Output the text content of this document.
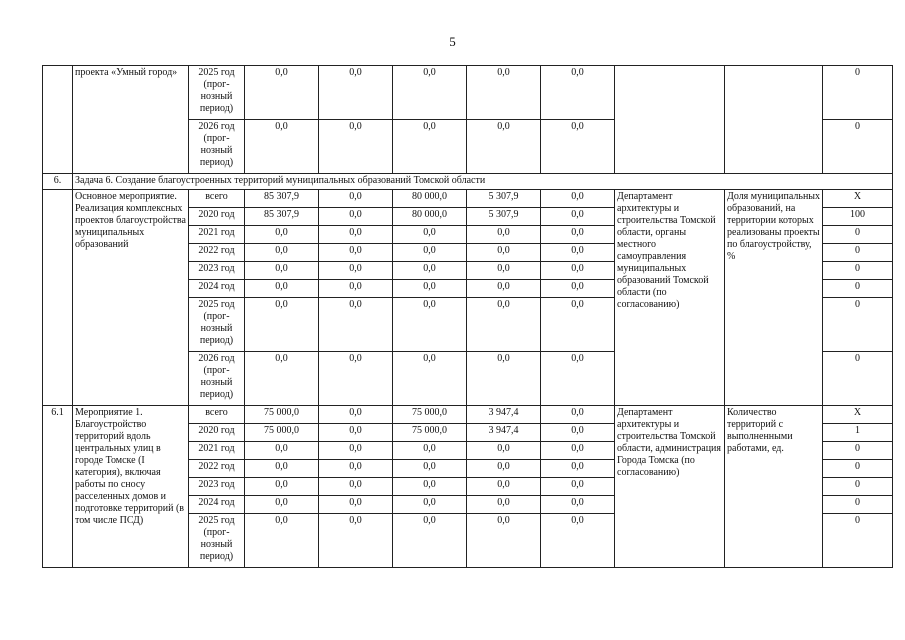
5
	проекта «Умный город»	2025 год (прог-нозный период)	0,0	0,0	0,0	0,0	0,0			0
		2026 год (прог-нозный период)	0,0	0,0	0,0	0,0	0,0			0
6.	Задача 6. Создание благоустроенных территорий муниципальных образований Томской области									
	Основное мероприятие. Реализация комплексных проектов благоустройства муниципальных образований	всего	85 307,9	0,0	80 000,0	5 307,9	0,0	Департамент архитектуры и строительства Томской области, органы местного самоуправления муниципальных образований Томской области (по согласованию)	Доля муниципальных образований, на территории которых реализованы проекты по благоустройству, %	X
		2020 год	85 307,9	0,0	80 000,0	5 307,9	0,0			100
		2021 год	0,0	0,0	0,0	0,0	0,0			0
		2022 год	0,0	0,0	0,0	0,0	0,0			0
		2023 год	0,0	0,0	0,0	0,0	0,0			0
		2024 год	0,0	0,0	0,0	0,0	0,0			0
		2025 год (прог-нозный период)	0,0	0,0	0,0	0,0	0,0			0
		2026 год (прог-нозный период)	0,0	0,0	0,0	0,0	0,0			0
6.1	Мероприятие 1. Благоустройство территорий вдоль центральных улиц в городе Томске (I категория), включая работы по сносу расселенных домов и подготовке территорий (в том числе ПСД)	всего	75 000,0	0,0	75 000,0	3 947,4	0,0	Департамент архитектуры и строительства Томской области, администрация Города Томска (по согласованию)	Количество территорий с выполненными работами, ед.	X
		2020 год	75 000,0	0,0	75 000,0	3 947,4	0,0			1
		2021 год	0,0	0,0	0,0	0,0	0,0			0
		2022 год	0,0	0,0	0,0	0,0	0,0			0
		2023 год	0,0	0,0	0,0	0,0	0,0			0
		2024 год	0,0	0,0	0,0	0,0	0,0			0
		2025 год (прог-нозный период)	0,0	0,0	0,0	0,0	0,0			0
